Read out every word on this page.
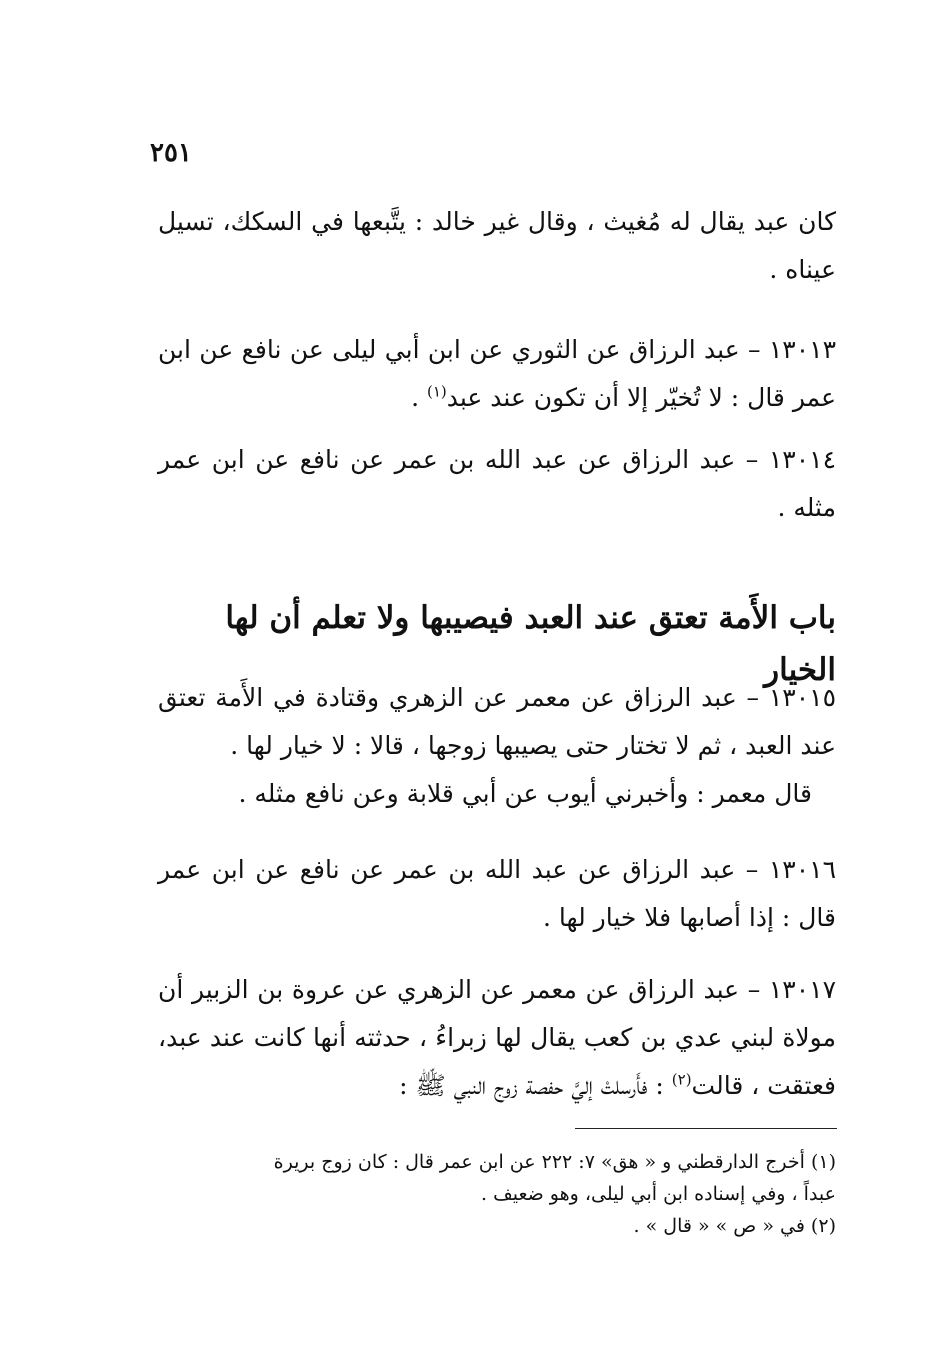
٢٥١
كان عبد يقال له مُغيث ، وقال غير خالد : يتَّبعها في السكك، تسيل عيناه .
١٣٠١٣ – عبد الرزاق عن الثوري عن ابن أبي ليلى عن نافع عن ابن عمر قال : لا تُخيّر إلا أن تكون عند عبد$^{(١)}$ .
١٣٠١٤ – عبد الرزاق عن عبد الله بن عمر عن نافع عن ابن عمر مثله .
باب الأَمة تعتق عند العبد فيصيبها ولا تعلم أن لها الخيار
١٣٠١٥ – عبد الرزاق عن معمر عن الزهري وقتادة في الأَمة تعتق عند العبد ، ثم لا تختار حتى يصيبها زوجها ، قالا : لا خيار لها .
قال معمر : وأخبرني أيوب عن أبي قلابة وعن نافع مثله .
١٣٠١٦ – عبد الرزاق عن عبد الله بن عمر عن نافع عن ابن عمر قال : إذا أصابها فلا خيار لها .
١٣٠١٧ – عبد الرزاق عن معمر عن الزهري عن عروة بن الزبير أن مولاة لبني عدي بن كعب يقال لها زبراءُ ، حدثته أنها كانت عند عبد، فعتقت ، قالت$^{(٢)}$ : فأَرسلتْ إليَّ حفصة زوج النبي ﷺ :
(١) أخرج الدارقطني و « هق» ٧: ٢٢٢ عن ابن عمر قال : كان زوج بريرة
عبداً ، وفي إسناده ابن أبي ليلى، وهو ضعيف .
(٢) في « ص » « قال » .
